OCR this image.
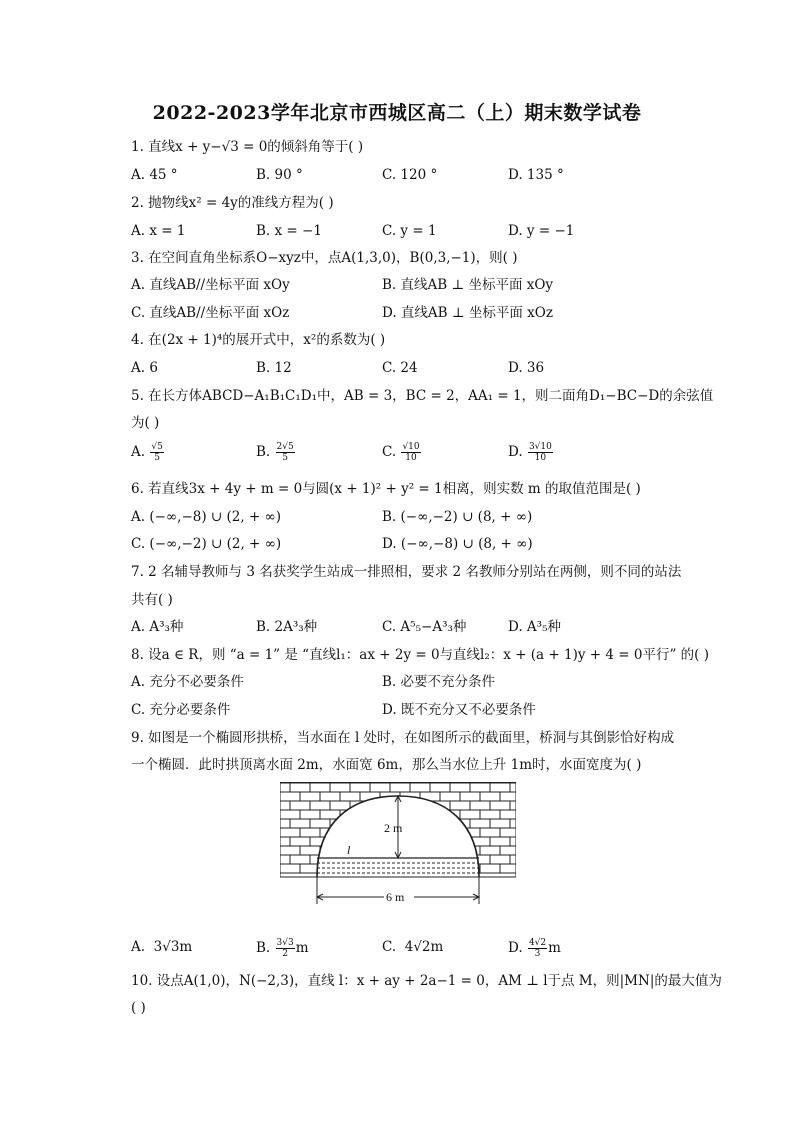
2022-2023学年北京市西城区高二（上）期末数学试卷
1. 直线x + y−√3 = 0的倾斜角等于( )
A. 45 °	B. 90 °	C. 120 °	D. 135 °
2. 抛物线x² = 4y的准线方程为( )
A. x = 1	B. x = −1	C. y = 1	D. y = −1
3. 在空间直角坐标系O−xyz中，点A(1,3,0)，B(0,3,−1)，则( )
A. 直线AB//坐标平面 xOy	B. 直线AB ⊥ 坐标平面 xOy
C. 直线AB//坐标平面 xOz	D. 直线AB ⊥ 坐标平面 xOz
4. 在(2x + 1)⁴的展开式中，x²的系数为( )
A. 6	B. 12	C. 24	D. 36
5. 在长方体ABCD−A₁B₁C₁D₁中，AB = 3，BC = 2，AA₁ = 1，则二面角D₁−BC−D的余弦值
为( )
A. $\frac{√5}{5}$	B. $\frac{2√5}{5}$	C. $\frac{√10}{10}$	D. $\frac{3√10}{10}$
6. 若直线3x + 4y + m = 0与圆(x + 1)² + y² = 1相离，则实数 m 的取值范围是( )
A. (−∞,−8) ∪ (2, + ∞)	B. (−∞,−2) ∪ (8, + ∞)
C. (−∞,−2) ∪ (2, + ∞)	D. (−∞,−8) ∪ (8, + ∞)
7. 2 名辅导教师与 3 名获奖学生站成一排照相，要求 2 名教师分别站在两侧，则不同的站法
共有( )
A. A³₃种	B. 2A³₃种	C. A⁵₅−A³₃种	D. A³₅种
8. 设a ∈ R，则 “a = 1” 是 “直线l₁：ax + 2y = 0与直线l₂：x + (a + 1)y + 4 = 0平行” 的( )
A. 充分不必要条件	B. 必要不充分条件
C. 充分必要条件	D. 既不充分又不必要条件
9. 如图是一个椭圆形拱桥，当水面在 l 处时，在如图所示的截面里，桥洞与其倒影恰好构成
一个椭圆．此时拱顶离水面 2m，水面宽 6m，那么当水位上升 1m时，水面宽度为( )
2 m
l
6 m
A. 3√3m	B. $\frac{3√3}{2}$ m	C. 4√2m	D. $\frac{4√2}{3}$ m
10. 设点A(1,0)，N(−2,3)，直线 l：x + ay + 2a−1 = 0，AM ⊥ l于点 M，则|MN|的最大值为
( )
